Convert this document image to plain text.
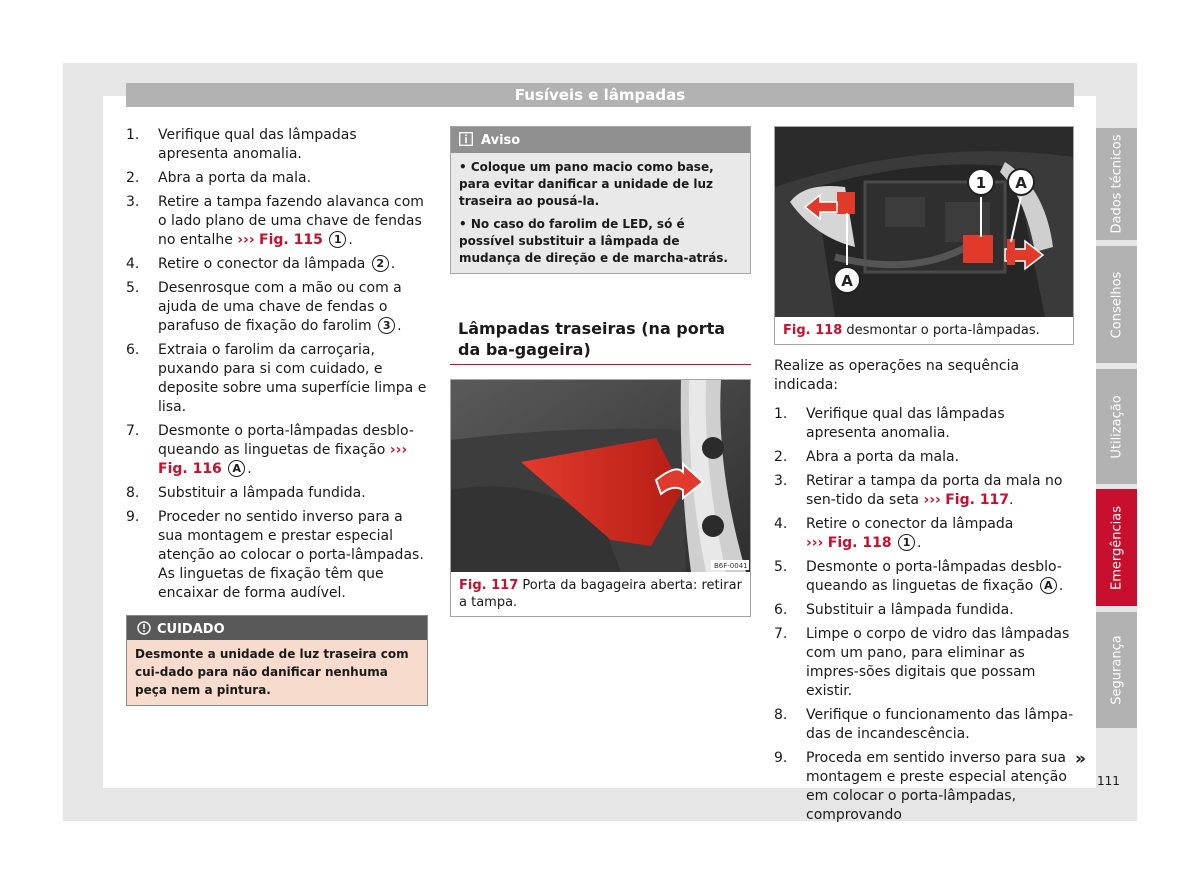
Fusíveis e lâmpadas
1. Verifique qual das lâmpadas apresenta anomalia.
2. Abra a porta da mala.
3. Retire a tampa fazendo alavanca com o lado plano de uma chave de fendas no entalhe ››› Fig. 115 1 .
4. Retire o conector da lâmpada 2 .
5. Desenrosque com a mão ou com a ajuda de uma chave de fendas o parafuso de fixação do farolim 3 .
6. Extraia o farolim da carroçaria, puxando para si com cuidado, e deposite sobre uma superfície limpa e lisa.
7. Desmonte o porta-lâmpadas desblo-queando as linguetas de fixação ››› Fig. 116 A .
8. Substituir a lâmpada fundida.
9. Proceder no sentido inverso para a sua montagem e prestar especial atenção ao colocar o porta-lâmpadas. As linguetas de fixação têm que encaixar de forma audível.
CUIDADO
Desmonte a unidade de luz traseira com cui-dado para não danificar nenhuma peça nem a pintura.
Aviso

• Coloque um pano macio como base, para evitar danificar a unidade de luz traseira ao pousá-la.

• No caso do farolim de LED, só é possível substituir a lâmpada de mudança de direção e de marcha-atrás.

Lâmpadas traseiras (na porta da ba-gageira)
B6F-0041
Fig. 117 Porta da bagageira aberta: retirar a tampa.
1 A
A
Fig. 118 desmontar o porta-lâmpadas.
Realize as operações na sequência indicada:
1. Verifique qual das lâmpadas apresenta anomalia.
2. Abra a porta da mala.
3. Retirar a tampa da porta da mala no sen-tido da seta ››› Fig. 117.
4. Retire o conector da lâmpada
››› Fig. 118 1 .
5. Desmonte o porta-lâmpadas desblo-queando as linguetas de fixação A .
6. Substituir a lâmpada fundida.
7. Limpe o corpo de vidro das lâmpadas com um pano, para eliminar as impres-sões digitais que possam existir.
8. Verifique o funcionamento das lâmpa-das de incandescência.
9. Proceda em sentido inverso para sua montagem e preste especial atenção em colocar o porta-lâmpadas, comprovando
Dados técnicos
Conselhos
Utilização
Emergências
Segurança
»
111
